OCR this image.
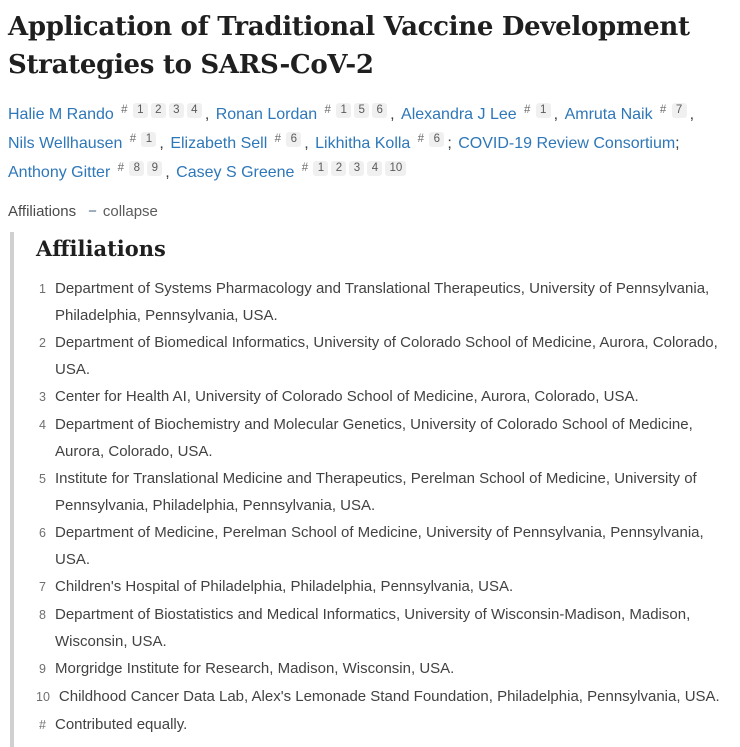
Application of Traditional Vaccine Development
Strategies to SARS-CoV-2
Halie M Rando # 1 2 3 4 , Ronan Lordan # 1 5 6 , Alexandra J Lee # 1 , Amruta Naik # 7 , Nils Wellhausen # 1 , Elizabeth Sell # 6 , Likhitha Kolla # 6 ; COVID-19 Review Consortium; Anthony Gitter # 8 9 , Casey S Greene # 1 2 3 4 10
Affiliations − collapse
Affiliations
1 Department of Systems Pharmacology and Translational Therapeutics, University of Pennsylvania, Philadelphia, Pennsylvania, USA.
2 Department of Biomedical Informatics, University of Colorado School of Medicine, Aurora, Colorado, USA.
3 Center for Health AI, University of Colorado School of Medicine, Aurora, Colorado, USA.
4 Department of Biochemistry and Molecular Genetics, University of Colorado School of Medicine, Aurora, Colorado, USA.
5 Institute for Translational Medicine and Therapeutics, Perelman School of Medicine, University of Pennsylvania, Philadelphia, Pennsylvania, USA.
6 Department of Medicine, Perelman School of Medicine, University of Pennsylvania, Pennsylvania, USA.
7 Children's Hospital of Philadelphia, Philadelphia, Pennsylvania, USA.
8 Department of Biostatistics and Medical Informatics, University of Wisconsin-Madison, Madison, Wisconsin, USA.
9 Morgridge Institute for Research, Madison, Wisconsin, USA.
10 Childhood Cancer Data Lab, Alex's Lemonade Stand Foundation, Philadelphia, Pennsylvania, USA.
# Contributed equally.
